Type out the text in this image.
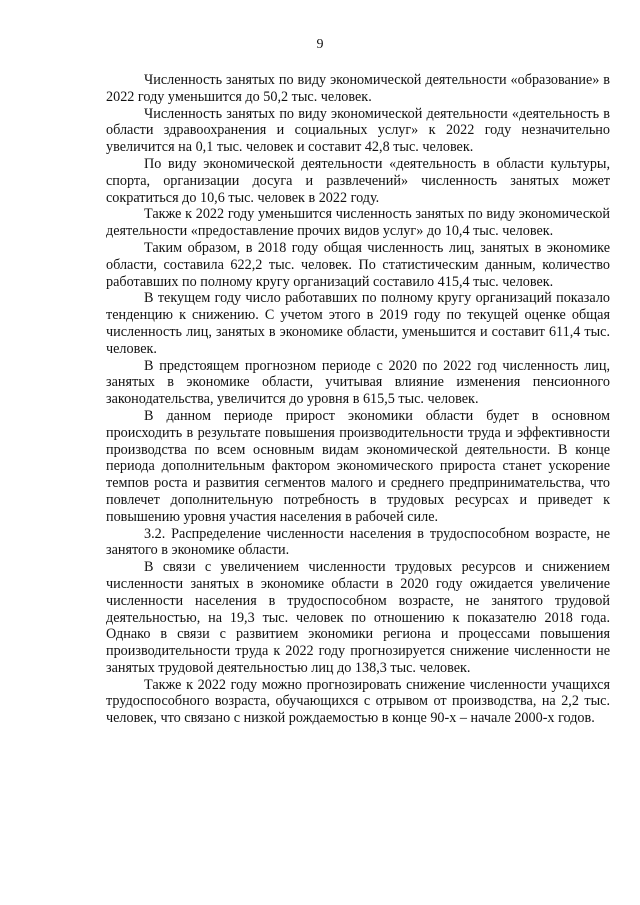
9

Численность занятых по виду экономической деятельности «образование» в 2022 году уменьшится до 50,2 тыс. человек.

Численность занятых по виду экономической деятельности «деятельность в области здравоохранения и социальных услуг» к 2022 году незначительно увеличится на 0,1 тыс. человек и составит 42,8 тыс. человек.

По виду экономической деятельности «деятельность в области культуры, спорта, организации досуга и развлечений» численность занятых может сократиться до 10,6 тыс. человек в 2022 году.

Также к 2022 году уменьшится численность занятых по виду экономической деятельности «предоставление прочих видов услуг» до 10,4 тыс. человек.

Таким образом, в 2018 году общая численность лиц, занятых в экономике области, составила 622,2 тыс. человек. По статистическим данным, количество работавших по полному кругу организаций составило 415,4 тыс. человек.

В текущем году число работавших по полному кругу организаций показало тенденцию к снижению. С учетом этого в 2019 году по текущей оценке общая численность лиц, занятых в экономике области, уменьшится и составит 611,4 тыс. человек.

В предстоящем прогнозном периоде с 2020 по 2022 год численность лиц, занятых в экономике области, учитывая влияние изменения пенсионного законодательства, увеличится до уровня в 615,5 тыс. человек.

В данном периоде прирост экономики области будет в основном происходить в результате повышения производительности труда и эффективности производства по всем основным видам экономической деятельности. В конце периода дополнительным фактором экономического прироста станет ускорение темпов роста и развития сегментов малого и среднего предпринимательства, что повлечет дополнительную потребность в трудовых ресурсах и приведет к повышению уровня участия населения в рабочей силе.

3.2. Распределение численности населения в трудоспособном возрасте, не занятого в экономике области.

В связи с увеличением численности трудовых ресурсов и снижением численности занятых в экономике области в 2020 году ожидается увеличение численности населения в трудоспособном возрасте, не занятого трудовой деятельностью, на 19,3 тыс. человек по отношению к показателю 2018 года. Однако в связи с развитием экономики региона и процессами повышения производительности труда к 2022 году прогнозируется снижение численности не занятых трудовой деятельностью лиц до 138,3 тыс. человек.

Также к 2022 году можно прогнозировать снижение численности учащихся трудоспособного возраста, обучающихся с отрывом от производства, на 2,2 тыс. человек, что связано с низкой рождаемостью в конце 90-х – начале 2000-х годов.
